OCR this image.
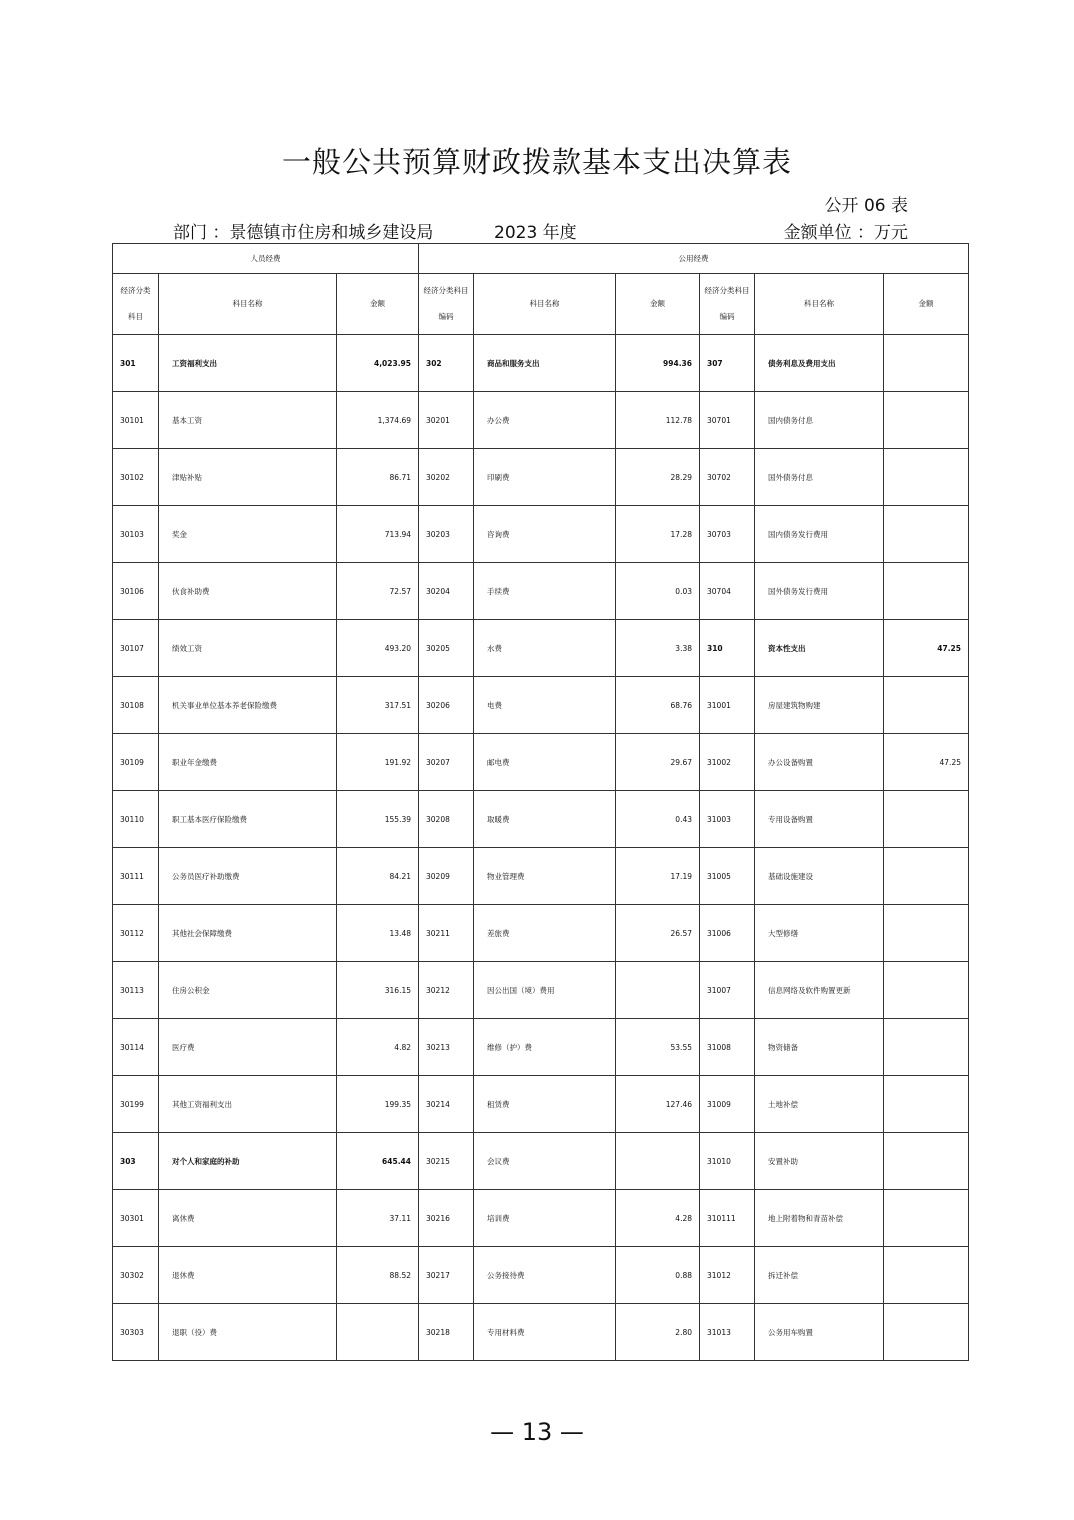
一般公共预算财政拨款基本支出决算表
公开 06 表
部门 ：景德镇市住房和城乡建设局	2023 年度	金额单位 ：万元
人员经费			公用经费					
经济分类科目	科目名称	金额	经济分类科目编码	科目名称	金额	经济分类科目编码	科目名称	金额
301	工资福利支出	4,023.95	302	商品和服务支出	994.36	307	债务利息及费用支出	
30101	基本工资	1,374.69	30201	办公费	112.78	30701	国内债务付息	
30102	津贴补贴	86.71	30202	印刷费	28.29	30702	国外债务付息	
30103	奖金	713.94	30203	咨询费	17.28	30703	国内债务发行费用	
30106	伙食补助费	72.57	30204	手续费	0.03	30704	国外债务发行费用	
30107	绩效工资	493.20	30205	水费	3.38	310	资本性支出	47.25
30108	机关事业单位基本养老保险缴费	317.51	30206	电费	68.76	31001	房屋建筑物购建	
30109	职业年金缴费	191.92	30207	邮电费	29.67	31002	办公设备购置	47.25
30110	职工基本医疗保险缴费	155.39	30208	取暖费	0.43	31003	专用设备购置	
30111	公务员医疗补助缴费	84.21	30209	物业管理费	17.19	31005	基础设施建设	
30112	其他社会保障缴费	13.48	30211	差旅费	26.57	31006	大型修缮	
30113	住房公积金	316.15	30212	因公出国（境）费用		31007	信息网络及软件购置更新	
30114	医疗费	4.82	30213	维修（护）费	53.55	31008	物资储备	
30199	其他工资福利支出	199.35	30214	租赁费	127.46	31009	土地补偿	
303	对个人和家庭的补助	645.44	30215	会议费		31010	安置补助	
30301	离休费	37.11	30216	培训费	4.28	310111	地上附着物和青苗补偿	
30302	退休费	88.52	30217	公务接待费	0.88	31012	拆迁补偿	
30303	退职（役）费		30218	专用材料费	2.80	31013	公务用车购置	
— 13 —
